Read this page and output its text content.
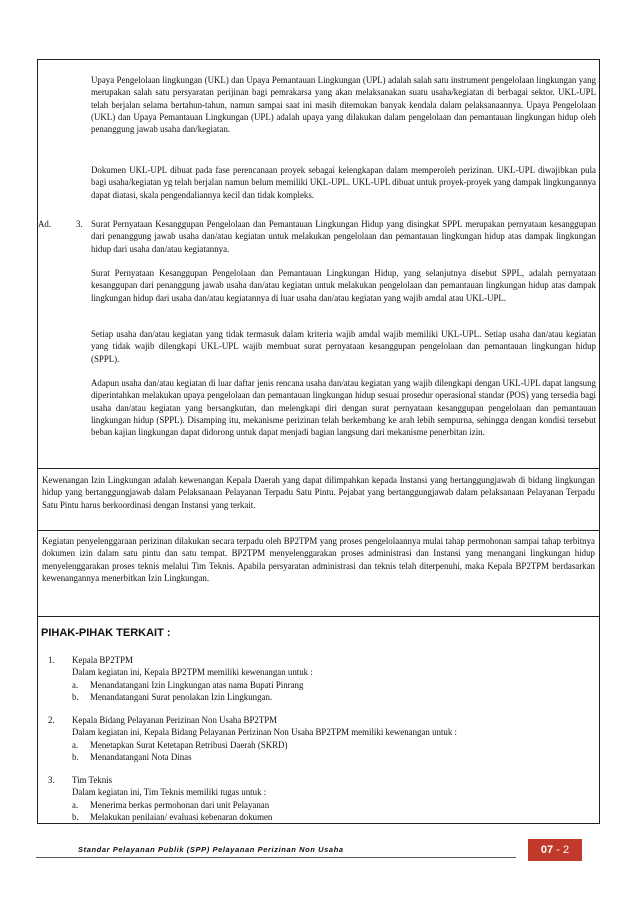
Upaya Pengelolaan lingkungan (UKL) dan Upaya Pemantauan Lingkungan (UPL) adalah salah satu instrument pengelolaan lingkungan yang merupakan salah satu persyaratan perijinan bagi pemrakarsa yang akan melaksanakan suatu usaha/kegiatan di berbagai sektor. UKL-UPL telah berjalan selama bertahun-tahun, namun sampai saat ini masih ditemukan banyak kendala dalam pelaksanaannya. Upaya Pengelolaan (UKL) dan Upaya Pemantauan Lingkungan (UPL) adalah upaya yang dilakukan dalam pengelolaan dan pemantauan lingkungan hidup oleh penanggung jawab usaha dan/kegiatan.

Dokumen UKL-UPL dibuat pada fase perencanaan proyek sebagai kelengkapan dalam memperoleh perizinan. UKL-UPL diwajibkan pula bagi usaha/kegiatan yg telah berjalan namun belum memiliki UKL-UPL. UKL-UPL dibuat untuk proyek-proyek yang dampak lingkungannya dapat diatasi, skala pengendaliannya kecil dan tidak kompleks.

Ad.	3. Surat Pernyataan Kesanggupan Pengelolaan dan Pemantauan Lingkungan Hidup yang disingkat SPPL merupakan pernyataan kesanggupan dari penanggung jawab usaha dan/atau kegiatan untuk melakukan pengelolaan dan pemantauan lingkungan hidup atas dampak lingkungan hidup dari usaha dan/atau kegiatannya.

Surat Pernyataan Kesanggupan Pengelolaan dan Pemantauan Lingkungan Hidup, yang selanjutnya disebut SPPL, adalah pernyataan kesanggupan dari penanggung jawab usaha dan/atau kegiatan untuk melakukan pengelolaan dan pemantauan lingkungan hidup atas dampak lingkungan hidup dari usaha dan/atau kegiatannya di luar usaha dan/atau kegiatan yang wajib amdal atau UKL-UPL.

Setiap usaha dan/atau kegiatan yang tidak termasuk dalam kriteria wajib amdal wajib memiliki UKL-UPL. Setiap usaha dan/atau kegiatan yang tidak wajib dilengkapi UKL-UPL wajib membuat surat pernyataan kesanggupan pengelolaan dan pemantauan lingkungan hidup (SPPL).

Adapun usaha dan/atau kegiatan di luar daftar jenis rencana usaha dan/atau kegiatan yang wajib dilengkapi dengan UKL-UPL dapat langsung diperintahkan melakukan upaya pengelolaan dan pemantauan lingkungan hidup sesuai prosedur operasional standar (POS) yang tersedia bagi usaha dan/atau kegiatan yang bersangkutan, dan melengkapi diri dengan surat pernyataan kesanggupan pengelolaan dan pemantauan lingkungan hidup (SPPL). Disamping itu, mekanisme perizinan telah berkembang ke arah lebih sempurna, sehingga dengan kondisi tersebut beban kajian lingkungan dapat didorong untuk dapat menjadi bagian langsung dari mekanisme penerbitan izin.

Kewenangan Izin Lingkungan adalah kewenangan Kepala Daerah yang dapat dilimpahkan kepada Instansi yang bertanggungjawab di bidang lingkungan hidup yang bertanggungjawab dalam Pelaksanaan Pelayanan Terpadu Satu Pintu. Pejabat yang bertanggungjawab dalam pelaksanaan Pelayanan Terpadu Satu Pintu harus berkoordinasi dengan Instansi yang terkait.

Kegiatan penyelenggaraan perizinan dilakukan secara terpadu oleh BP2TPM yang proses pengelolaannya mulai tahap permohonan sampai tahap terbitnya dokumen izin dalam satu pintu dan satu tempat. BP2TPM menyelenggarakan proses administrasi dan Instansi yang menangani lingkungan hidup menyelenggarakan proses teknis melalui Tim Teknis. Apabila persyaratan administrasi dan teknis telah diterpenuhi, maka Kepala BP2TPM berdasarkan kewenangannya menerbitkan Izin Lingkungan.

PIHAK-PIHAK TERKAIT :
1. Kepala BP2TPM
Dalam kegiatan ini, Kepala BP2TPM memiliki kewenangan untuk :
a. Menandatangani Izin Lingkungan atas nama Bupati Pinrang
b. Menandatangani Surat penolakan Izin Lingkungan.
2. Kepala Bidang Pelayanan Perizinan Non Usaha BP2TPM
Dalam kegiatan ini, Kepala Bidang Pelayanan Perizinan Non Usaha BP2TPM memiliki kewenangan untuk :
a. Menetapkan Surat Ketetapan Retribusi Daerah (SKRD)
b. Menandatangani Nota Dinas
3. Tim Teknis
Dalam kegiatan ini, Tim Teknis memiliki tugas untuk :
a. Menerima berkas permohonan dari unit Pelayanan
b. Melakukan penilaian/ evaluasi kebenaran dokumen
Standar Pelayanan Publik (SPP) Pelayanan Perizinan Non Usaha	07 - 2
